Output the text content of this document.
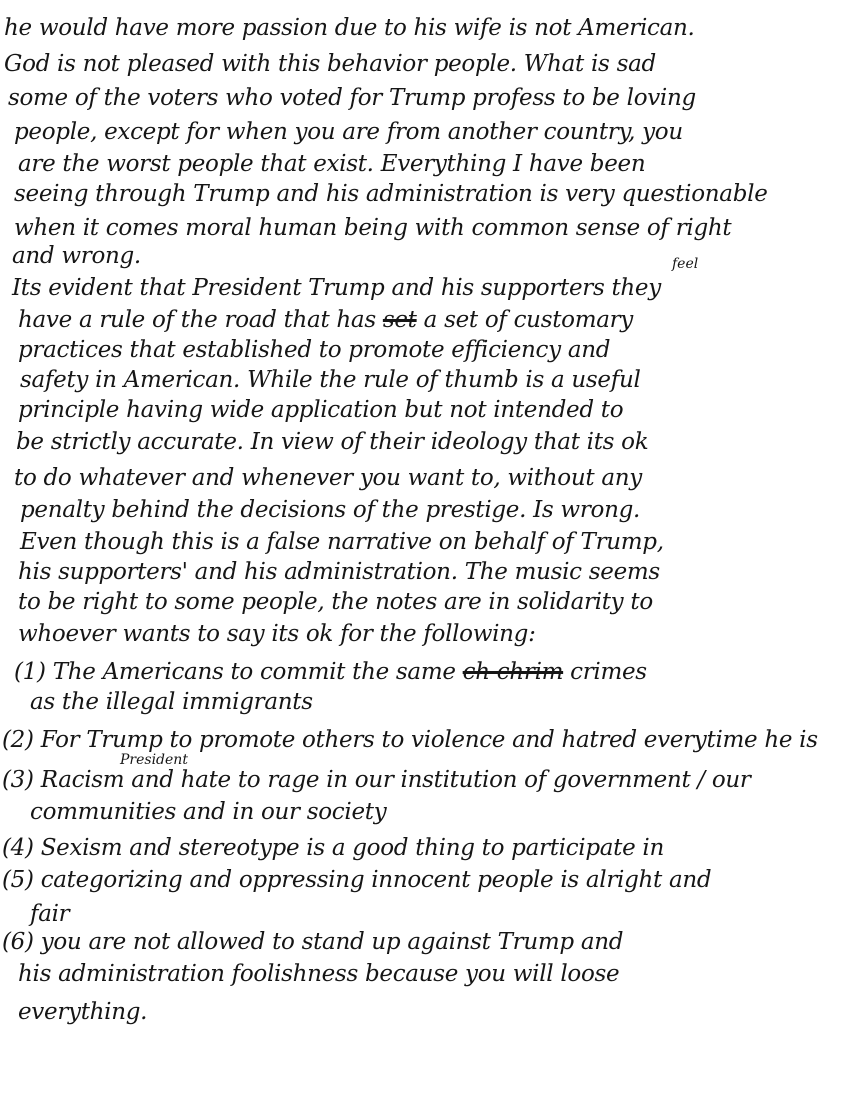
he would have more passion due to his wife is not American.
God is not pleased with this behavior people. What is sad
some of the voters who voted for Trump profess to be loving
people, except for when you are from another country, you
are the worst people that exist. Everything I have been
seeing through Trump and his administration is very questionable
when it comes moral human being with common sense of right
and wrong.	feel
Its evident that President Trump and his supporters they
have a rule of the road that has set a set of customary
practices that established to promote efficiency and
safety in American. While the rule of thumb is a useful
principle having wide application but not intended to
be strictly accurate. In view of their ideology that its ok
to do whatever and whenever you want to, without any
penalty behind the decisions of the prestige. Is wrong.
Even though this is a false narrative on behalf of Trump,
his supporters' and his administration. The music seems
to be right to some people, the notes are in solidarity to
whoever wants to say its ok for the following:
(1) The Americans to commit the same ch chrim crimes
as the illegal immigrants
(2) For Trump to promote others to violence and hatred everytime he is
President
(3) Racism and hate to rage in our institution of government / our
communities and in our society
(4) Sexism and stereotype is a good thing to participate in
(5) categorizing and oppressing innocent people is alright and
fair
(6) you are not allowed to stand up against Trump and
his administration foolishness because you will loose
everything.
